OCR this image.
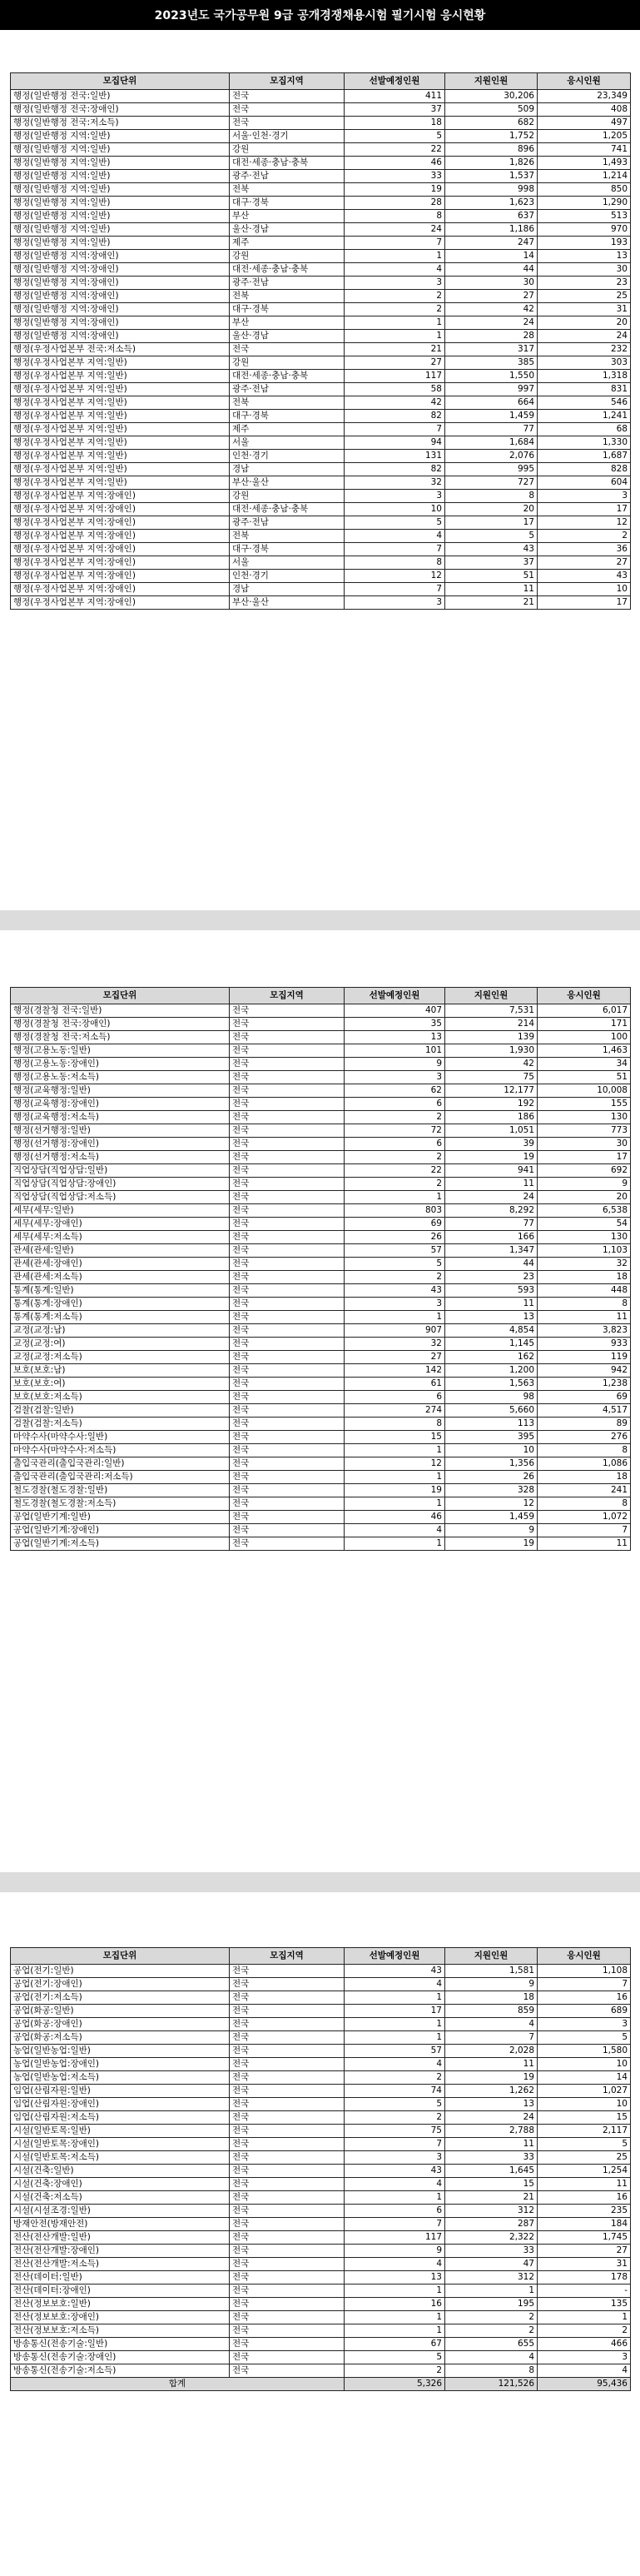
2023년도 국가공무원 9급 공개경쟁채용시험 필기시험 응시현황
모집단위	모집지역	선발예정인원	지원인원	응시인원
행정(일반행정 전국:일반)	전국	411	30,206	23,349
행정(일반행정 전국:장애인)	전국	37	509	408
행정(일반행정 전국:저소득)	전국	18	682	497
행정(일반행정 지역:일반)	서울·인천·경기	5	1,752	1,205
행정(일반행정 지역:일반)	강원	22	896	741
행정(일반행정 지역:일반)	대전·세종·충남·충북	46	1,826	1,493
행정(일반행정 지역:일반)	광주·전남	33	1,537	1,214
행정(일반행정 지역:일반)	전북	19	998	850
행정(일반행정 지역:일반)	대구·경북	28	1,623	1,290
행정(일반행정 지역:일반)	부산	8	637	513
행정(일반행정 지역:일반)	울산·경남	24	1,186	970
행정(일반행정 지역:일반)	제주	7	247	193
행정(일반행정 지역:장애인)	강원	1	14	13
행정(일반행정 지역:장애인)	대전·세종·충남·충북	4	44	30
행정(일반행정 지역:장애인)	광주·전남	3	30	23
행정(일반행정 지역:장애인)	전북	2	27	25
행정(일반행정 지역:장애인)	대구·경북	2	42	31
행정(일반행정 지역:장애인)	부산	1	24	20
행정(일반행정 지역:장애인)	울산·경남	1	28	24
행정(우정사업본부 전국:저소득)	전국	21	317	232
행정(우정사업본부 지역:일반)	강원	27	385	303
행정(우정사업본부 지역:일반)	대전·세종·충남·충북	117	1,550	1,318
행정(우정사업본부 지역:일반)	광주·전남	58	997	831
행정(우정사업본부 지역:일반)	전북	42	664	546
행정(우정사업본부 지역:일반)	대구·경북	82	1,459	1,241
행정(우정사업본부 지역:일반)	제주	7	77	68
행정(우정사업본부 지역:일반)	서울	94	1,684	1,330
행정(우정사업본부 지역:일반)	인천·경기	131	2,076	1,687
행정(우정사업본부 지역:일반)	경남	82	995	828
행정(우정사업본부 지역:일반)	부산·울산	32	727	604
행정(우정사업본부 지역:장애인)	강원	3	8	3
행정(우정사업본부 지역:장애인)	대전·세종·충남·충북	10	20	17
행정(우정사업본부 지역:장애인)	광주·전남	5	17	12
행정(우정사업본부 지역:장애인)	전북	4	5	2
행정(우정사업본부 지역:장애인)	대구·경북	7	43	36
행정(우정사업본부 지역:장애인)	서울	8	37	27
행정(우정사업본부 지역:장애인)	인천·경기	12	51	43
행정(우정사업본부 지역:장애인)	경남	7	11	10
행정(우정사업본부 지역:장애인)	부산·울산	3	21	17
모집단위	모집지역	선발예정인원	지원인원	응시인원
행정(경찰청 전국:일반)	전국	407	7,531	6,017
행정(경찰청 전국:장애인)	전국	35	214	171
행정(경찰청 전국:저소득)	전국	13	139	100
행정(고용노동:일반)	전국	101	1,930	1,463
행정(고용노동:장애인)	전국	9	42	34
행정(고용노동:저소득)	전국	3	75	51
행정(교육행정:일반)	전국	62	12,177	10,008
행정(교육행정:장애인)	전국	6	192	155
행정(교육행정:저소득)	전국	2	186	130
행정(선거행정:일반)	전국	72	1,051	773
행정(선거행정:장애인)	전국	6	39	30
행정(선거행정:저소득)	전국	2	19	17
직업상담(직업상담:일반)	전국	22	941	692
직업상담(직업상담:장애인)	전국	2	11	9
직업상담(직업상담:저소득)	전국	1	24	20
세무(세무:일반)	전국	803	8,292	6,538
세무(세무:장애인)	전국	69	77	54
세무(세무:저소득)	전국	26	166	130
관세(관세:일반)	전국	57	1,347	1,103
관세(관세:장애인)	전국	5	44	32
관세(관세:저소득)	전국	2	23	18
통계(통계:일반)	전국	43	593	448
통계(통계:장애인)	전국	3	11	8
통계(통계:저소득)	전국	1	13	11
교정(교정:남)	전국	907	4,854	3,823
교정(교정:여)	전국	32	1,145	933
교정(교정:저소득)	전국	27	162	119
보호(보호:남)	전국	142	1,200	942
보호(보호:여)	전국	61	1,563	1,238
보호(보호:저소득)	전국	6	98	69
검찰(검찰:일반)	전국	274	5,660	4,517
검찰(검찰:저소득)	전국	8	113	89
마약수사(마약수사:일반)	전국	15	395	276
마약수사(마약수사:저소득)	전국	1	10	8
출입국관리(출입국관리:일반)	전국	12	1,356	1,086
출입국관리(출입국관리:저소득)	전국	1	26	18
철도경찰(철도경찰:일반)	전국	19	328	241
철도경찰(철도경찰:저소득)	전국	1	12	8
공업(일반기계:일반)	전국	46	1,459	1,072
공업(일반기계:장애인)	전국	4	9	7
공업(일반기계:저소득)	전국	1	19	11
모집단위	모집지역	선발예정인원	지원인원	응시인원
공업(전기:일반)	전국	43	1,581	1,108
공업(전기:장애인)	전국	4	9	7
공업(전기:저소득)	전국	1	18	16
공업(화공:일반)	전국	17	859	689
공업(화공:장애인)	전국	1	4	3
공업(화공:저소득)	전국	1	7	5
농업(일반농업:일반)	전국	57	2,028	1,580
농업(일반농업:장애인)	전국	4	11	10
농업(일반농업:저소득)	전국	2	19	14
임업(산림자원:일반)	전국	74	1,262	1,027
임업(산림자원:장애인)	전국	5	13	10
임업(산림자원:저소득)	전국	2	24	15
시설(일반토목:일반)	전국	75	2,788	2,117
시설(일반토목:장애인)	전국	7	11	5
시설(일반토목:저소득)	전국	3	33	25
시설(건축:일반)	전국	43	1,645	1,254
시설(건축:장애인)	전국	4	15	11
시설(건축:저소득)	전국	1	21	16
시설(시설조경:일반)	전국	6	312	235
방재안전(방재안전)	전국	7	287	184
전산(전산개발:일반)	전국	117	2,322	1,745
전산(전산개발:장애인)	전국	9	33	27
전산(전산개발:저소득)	전국	4	47	31
전산(데이터:일반)	전국	13	312	178
전산(데이터:장애인)	전국	1	1	-
전산(정보보호:일반)	전국	16	195	135
전산(정보보호:장애인)	전국	1	2	1
전산(정보보호:저소득)	전국	1	2	2
방송통신(전송기술:일반)	전국	67	655	466
방송통신(전송기술:장애인)	전국	5	4	3
방송통신(전송기술:저소득)	전국	2	8	4
합계		5,326	121,526	95,436
